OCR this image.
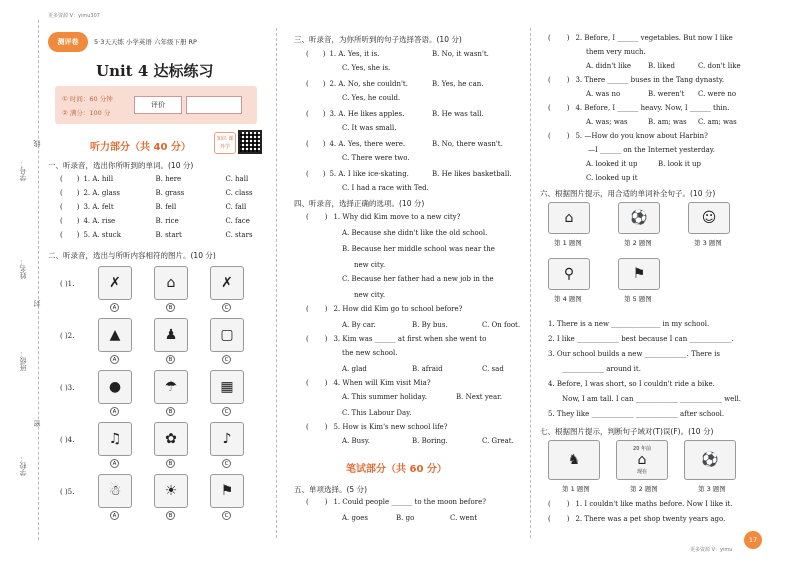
更多资源 V：yimu307
更多资源 V：yimu
学号：
姓名：
班级：
学校：
线
封
密
测评卷	5·3天天练 小学英语 六年级下册 RP
Unit 4 达标练习
① 时间：60 分钟
② 满分：100 分
评价
听力部分（共 40 分）
知识 课外学
一、听录音，选出你所听到的单词。(10 分)
( ) 1. A. hill	B. here	C. hall
( ) 2. A. glass	B. grass	C. class
( ) 3. A. felt	B. fell	C. fall
( ) 4. A. rise	B. rice	C. face
( ) 5. A. stuck	B. start	C. stars
二、听录音，选出与所听内容相符的图片。(10 分)
( )1. ✗
A
⌂
B
✗
C
( )2.	▲
A
♟
B
▢
C
( )3. ●
A
☂
B
▦
C
( )4. ♫
A
✿
B
♪
C
( )5. ☃
A
☀
B
⚑
C
三、听录音，为你所听到的句子选择答语。(10 分)
( ) 1. A. Yes, it is.	B. No, it wasn't.
C. Yes, she is.
( ) 2. A. No, she couldn't.	B. Yes, he can.
C. Yes, he could.
( ) 3. A. He likes apples.	B. He was tall.
C. It was small.
( ) 4. A. Yes, there were.	B. No, there wasn't.
C. There were two.
( ) 5. A. I like ice-skating.	B. He likes basketball.
C. I had a race with Ted.
四、听录音，选择正确的选项。(10 分)
( ) 1. Why did Kim move to a new city?
A. Because she didn't like the old school.
B. Because her middle school was near the
new city.
C. Because her father had a new job in the
new city.
( ) 2. How did Kim go to school before?
A. By car.	B. By bus.	C. On foot.
( ) 3. Kim was ______ at first when she went to
the new school.
A. glad	B. afraid	C. sad
( ) 4. When will Kim visit Mia?
A. This summer holiday.	B. Next year.
C. This Labour Day.
( ) 5. How is Kim's new school life?
A. Busy.	B. Boring.	C. Great.
笔试部分（共 60 分）
五、单项选择。(5 分)
( ) 1. Could people ______ to the moon before?
A. goes	B. go	C. went
( ) 2. Before, I ______ vegetables. But now I like
them very much.
A. didn't like B. liked	C. don't like
( ) 3. There ______ buses in the Tang dynasty.
A. was no	B. weren't C. were no
( ) 4. Before, I ______ heavy. Now, I ______ thin.
A. was; was	B. am; was C. am; was
( ) 5. —How do you know about Harbin?
—I ______ on the Internet yesterday.
A. looked it up	B. look it up
C. looked up it
六、根据图片提示，用合适的单词补全句子。(10 分)
⌂
第 1 题图
⚽
第 2 题图
☺
第 3 题图
⚲
第 4 题图
⚑
第 5 题图
1. There is a new ______________ in my school.
2. I like ____________ best because I can ____________.
3. Our school builds a new ____________. There is
____________ around it.
4. Before, I was short, so I couldn't ride a bike.
Now, I am tall. I can ____________ ____________ well.
5. They like ____________ ____________ after school.
七、根据图片提示，判断句子域对(T)误(F)。(10 分)
♞
20 年前
⌂
现在
⚽
第 1 题图	第 2 题图	第 3 题图
( ) 1. I couldn't like maths before. Now I like it.
( ) 2. There was a pet shop twenty years ago.
17
